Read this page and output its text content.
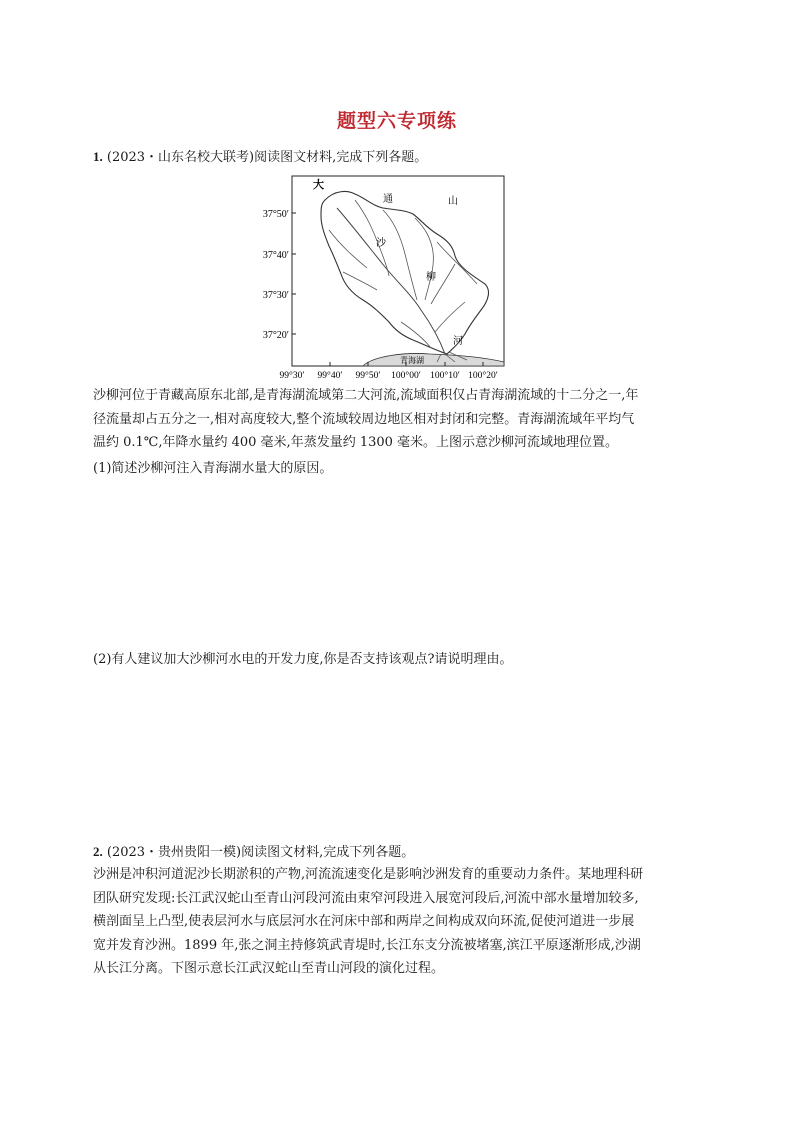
题型六专项练
1. (2023・山东名校大联考)阅读图文材料,完成下列各题。
大
通	山
沙
柳
河
青海湖
37°50′
37°40′
37°30′
37°20′
99°30′ 99°40′ 99°50′ 100°00′ 100°10′ 100°20′
沙柳河位于青藏高原东北部,是青海湖流域第二大河流,流域面积仅占青海湖流域的十二分之一,年
径流量却占五分之一,相对高度较大,整个流域较周边地区相对封闭和完整。青海湖流域年平均气
温约 0.1℃,年降水量约 400 毫米,年蒸发量约 1300 毫米。上图示意沙柳河流域地理位置。
(1)简述沙柳河注入青海湖水量大的原因。
(2)有人建议加大沙柳河水电的开发力度,你是否支持该观点?请说明理由。
2. (2023・贵州贵阳一模)阅读图文材料,完成下列各题。
沙洲是冲积河道泥沙长期淤积的产物,河流流速变化是影响沙洲发育的重要动力条件。某地理科研
团队研究发现:长江武汉蛇山至青山河段河流由束窄河段进入展宽河段后,河流中部水量增加较多,
横剖面呈上凸型,使表层河水与底层河水在河床中部和两岸之间构成双向环流,促使河道进一步展
宽并发育沙洲。1899 年,张之洞主持修筑武青堤时,长江东支分流被堵塞,滨江平原逐渐形成,沙湖
从长江分离。下图示意长江武汉蛇山至青山河段的演化过程。
